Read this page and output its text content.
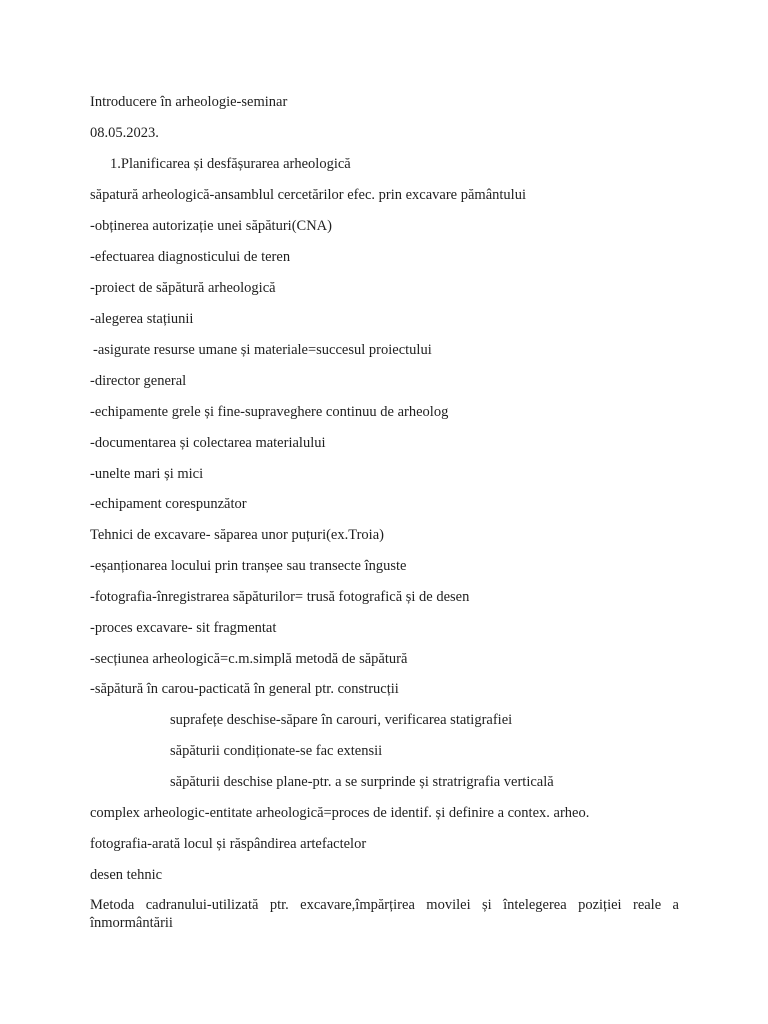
Introducere în arheologie-seminar
08.05.2023.
1.Planificarea și desfășurarea arheologică
săpatură arheologică-ansamblul cercetărilor efec. prin excavare pământului
-obținerea autorizație unei săpături(CNA)
-efectuarea diagnosticului de teren
-proiect de săpătură arheologică
-alegerea stațiunii
-asigurate resurse umane și materiale=succesul proiectului
-director general
-echipamente grele și fine-supraveghere continuu de arheolog
-documentarea și colectarea materialului
-unelte mari și mici
-echipament corespunzător
Tehnici de excavare- săparea unor puțuri(ex.Troia)
-eșanționarea locului prin tranșee sau transecte înguste
-fotografia-înregistrarea săpăturilor= trusă fotografică și de desen
-proces excavare- sit fragmentat
-secțiunea arheologică=c.m.simplă metodă de săpătură
-săpătură în carou-pacticată în general ptr. construcții
suprafețe deschise-săpare în carouri, verificarea statigrafiei
săpăturii condiționate-se fac extensii
săpăturii deschise plane-ptr. a se surprinde și stratrigrafia verticală
complex arheologic-entitate arheologică=proces de identif. și definire a contex. arheo.
fotografia-arată locul și răspândirea artefactelor
desen tehnic
Metoda cadranului-utilizată ptr. excavare,împărțirea movilei și întelegerea poziției reale a înmormântării
